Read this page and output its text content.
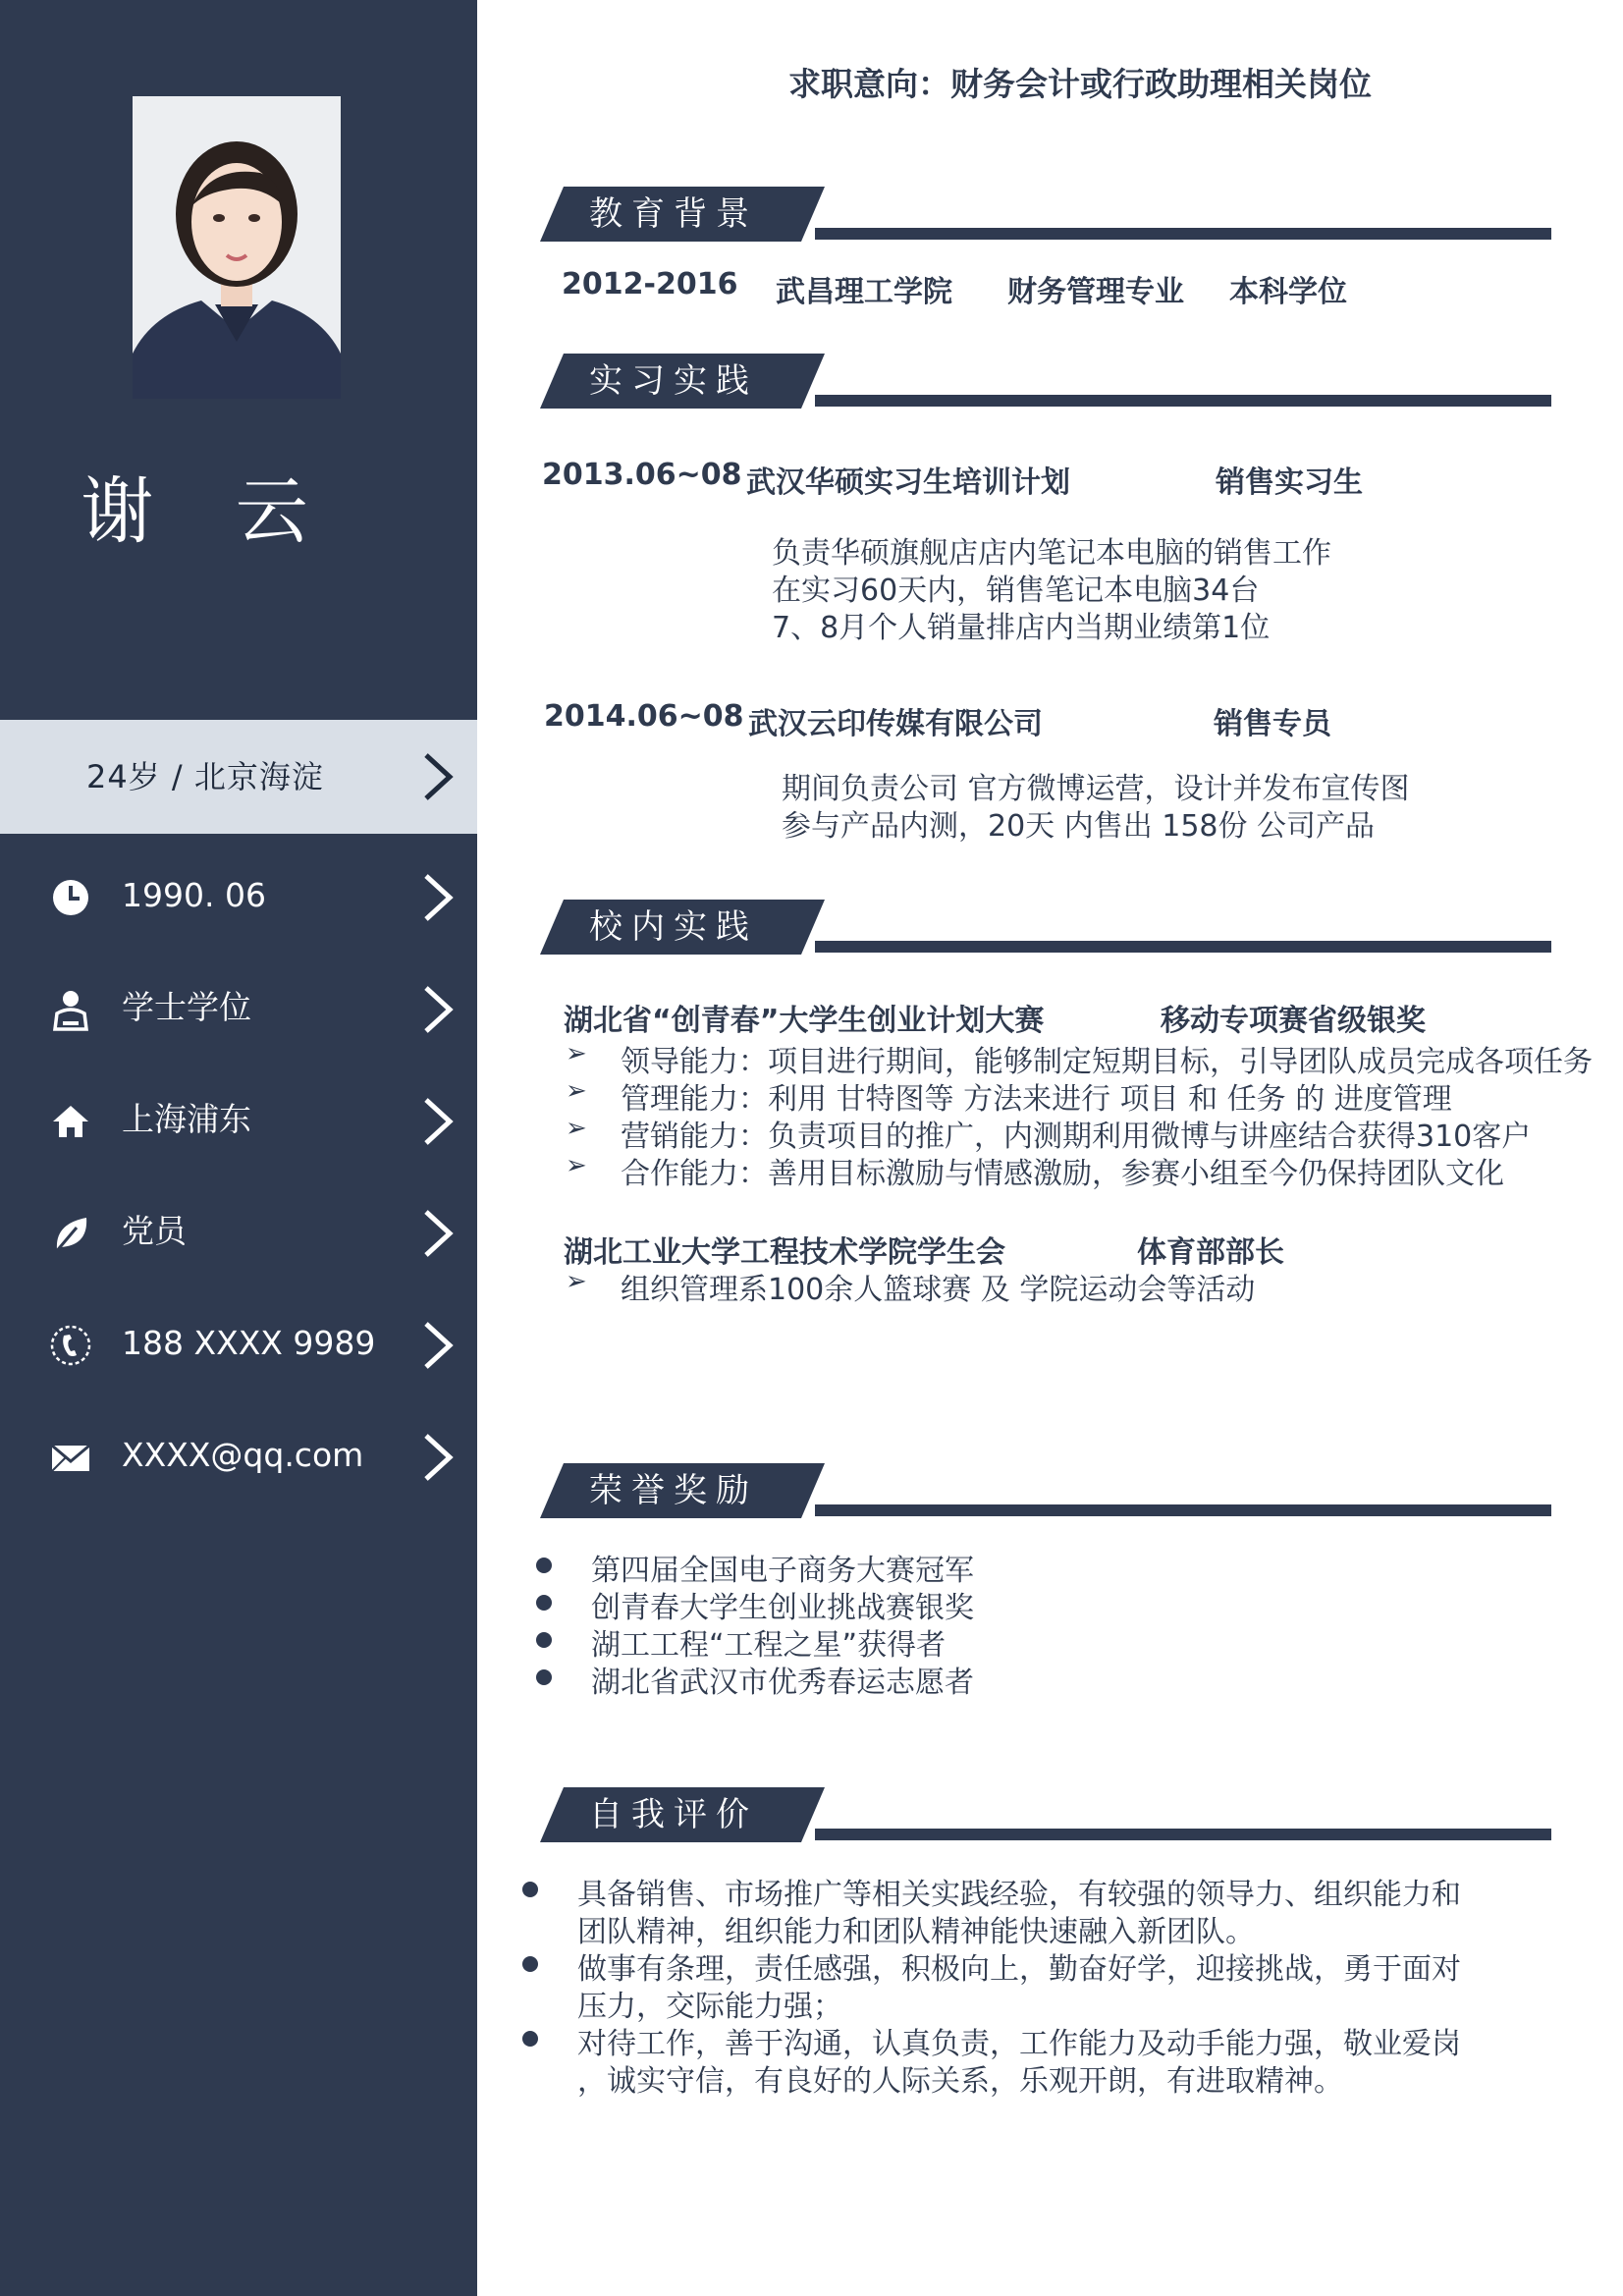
谢 云
24岁 / 北京海淀
1990. 06
学士学位
上海浦东
党员
188 XXXX 9989
XXXX@qq.com
求职意向：财务会计或行政助理相关岗位
教育背景
2012-2016 武昌理工学院 财务管理专业 本科学位
实习实践
2013.06~08 武汉华硕实习生培训计划	销售实习生
负责华硕旗舰店店内笔记本电脑的销售工作
在实习60天内，销售笔记本电脑34台
7、8月个人销量排店内当期业绩第1位
2014.06~08 武汉云印传媒有限公司	销售专员
期间负责公司 官方微博运营，设计并发布宣传图
参与产品内测，20天 内售出 158份 公司产品
校内实践
湖北省“创青春”大学生创业计划大赛	移动专项赛省级银奖
➢ 领导能力：项目进行期间，能够制定短期目标，引导团队成员完成各项任务
➢ 管理能力：利用 甘特图等 方法来进行 项目 和 任务 的 进度管理
➢ 营销能力：负责项目的推广，内测期利用微博与讲座结合获得310客户
➢ 合作能力：善用目标激励与情感激励，参赛小组至今仍保持团队文化
湖北工业大学工程技术学院学生会	体育部部长
➢ 组织管理系100余人篮球赛 及 学院运动会等活动
荣誉奖励
第四届全国电子商务大赛冠军
创青春大学生创业挑战赛银奖
湖工工程“工程之星”获得者
湖北省武汉市优秀春运志愿者
自我评价
具备销售、市场推广等相关实践经验，有较强的领导力、组织能力和
团队精神，组织能力和团队精神能快速融入新团队。
做事有条理，责任感强，积极向上，勤奋好学，迎接挑战，勇于面对
压力，交际能力强；
对待工作，善于沟通，认真负责，工作能力及动手能力强，敬业爱岗
，诚实守信，有良好的人际关系，乐观开朗，有进取精神。
